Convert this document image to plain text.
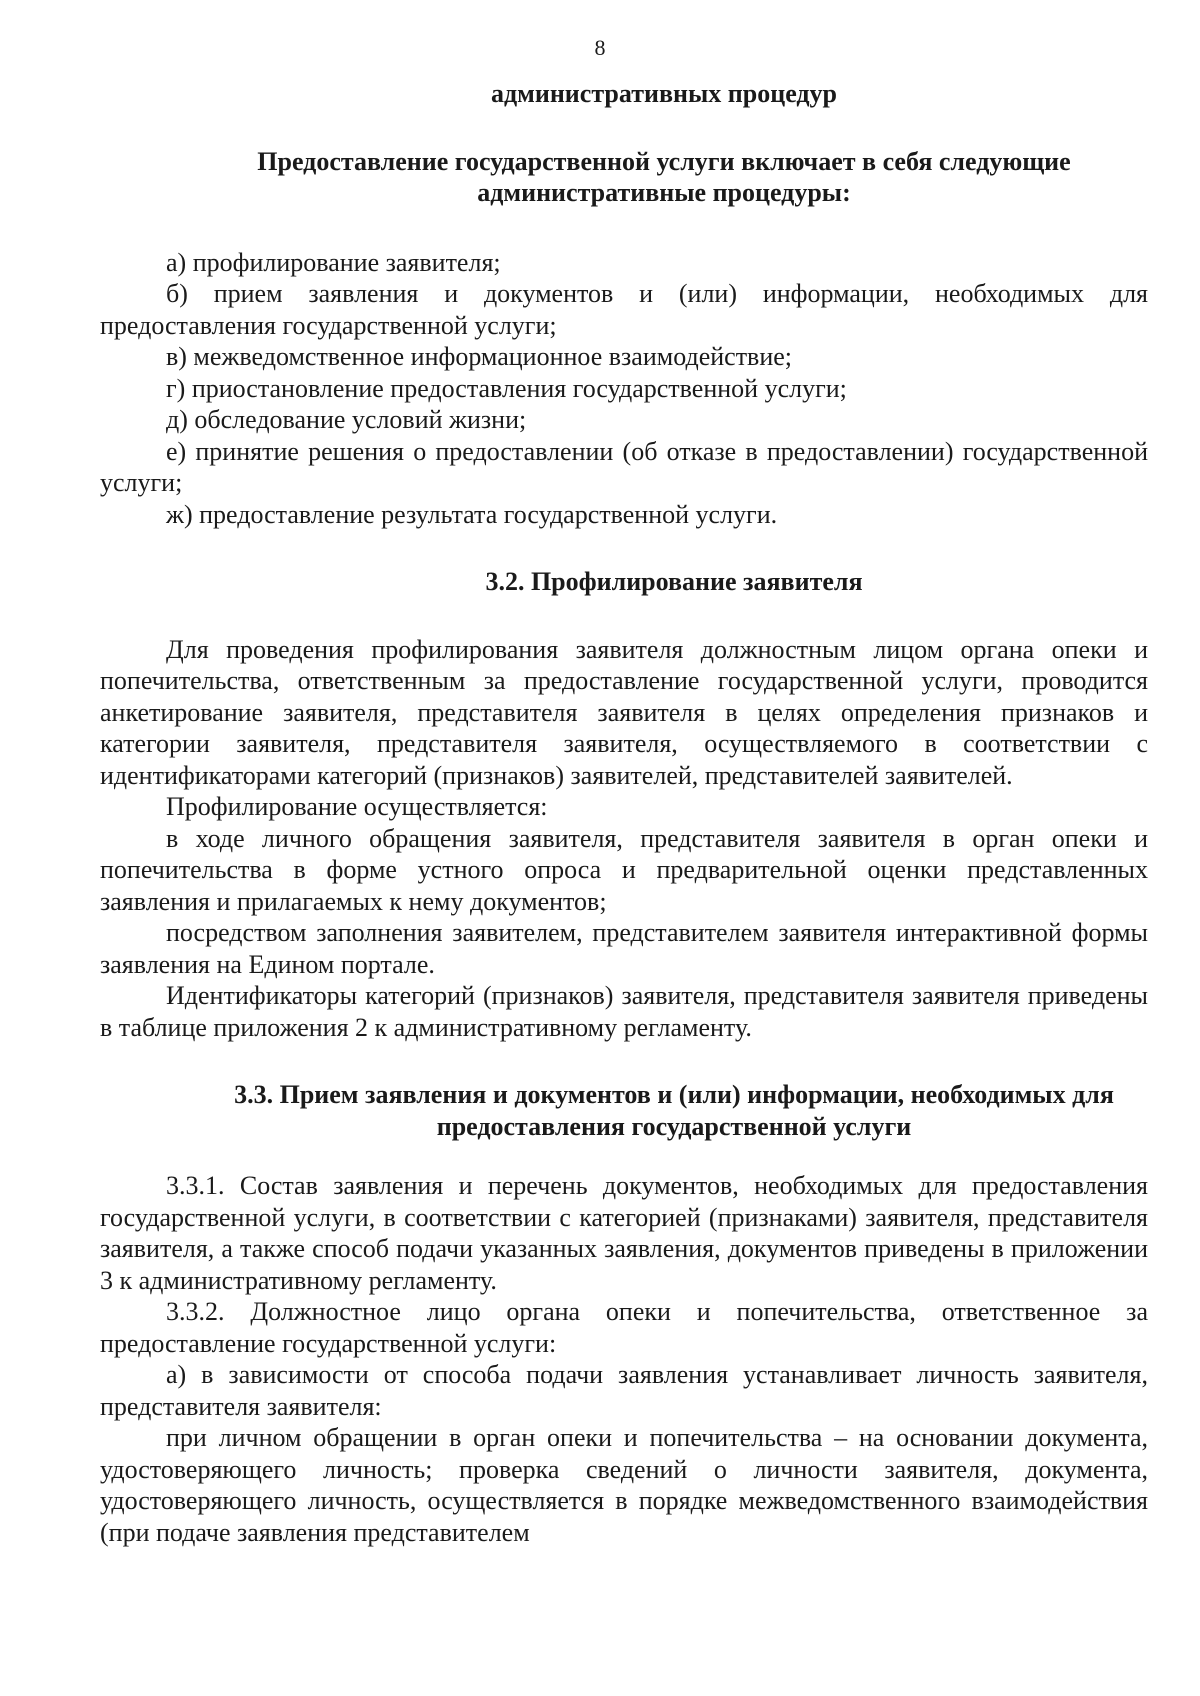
8

административных процедур

Предоставление государственной услуги включает в себя следующие административные процедуры:

а) профилирование заявителя;

б) прием заявления и документов и (или) информации, необходимых для предоставления государственной услуги;

в) межведомственное информационное взаимодействие;

г) приостановление предоставления государственной услуги;

д) обследование условий жизни;

е) принятие решения о предоставлении (об отказе в предоставлении) государственной услуги;

ж) предоставление результата государственной услуги.

3.2. Профилирование заявителя

Для проведения профилирования заявителя должностным лицом органа опеки и попечительства, ответственным за предоставление государственной услуги, проводится анкетирование заявителя, представителя заявителя в целях определения признаков и категории заявителя, представителя заявителя, осуществляемого в соответствии с идентификаторами категорий (признаков) заявителей, представителей заявителей.

Профилирование осуществляется:

в ходе личного обращения заявителя, представителя заявителя в орган опеки и попечительства в форме устного опроса и предварительной оценки представленных заявления и прилагаемых к нему документов;

посредством заполнения заявителем, представителем заявителя интерактивной формы заявления на Едином портале.

Идентификаторы категорий (признаков) заявителя, представителя заявителя приведены в таблице приложения 2 к административному регламенту.

3.3. Прием заявления и документов и (или) информации, необходимых для предоставления государственной услуги

3.3.1. Состав заявления и перечень документов, необходимых для предоставления государственной услуги, в соответствии с категорией (признаками) заявителя, представителя заявителя, а также способ подачи указанных заявления, документов приведены в приложении 3 к административному регламенту.

3.3.2. Должностное лицо органа опеки и попечительства, ответственное за предоставление государственной услуги:

а) в зависимости от способа подачи заявления устанавливает личность заявителя, представителя заявителя:

при личном обращении в орган опеки и попечительства – на основании документа, удостоверяющего личность; проверка сведений о личности заявителя, документа, удостоверяющего личность, осуществляется в порядке межведомственного взаимодействия (при подаче заявления представителем
